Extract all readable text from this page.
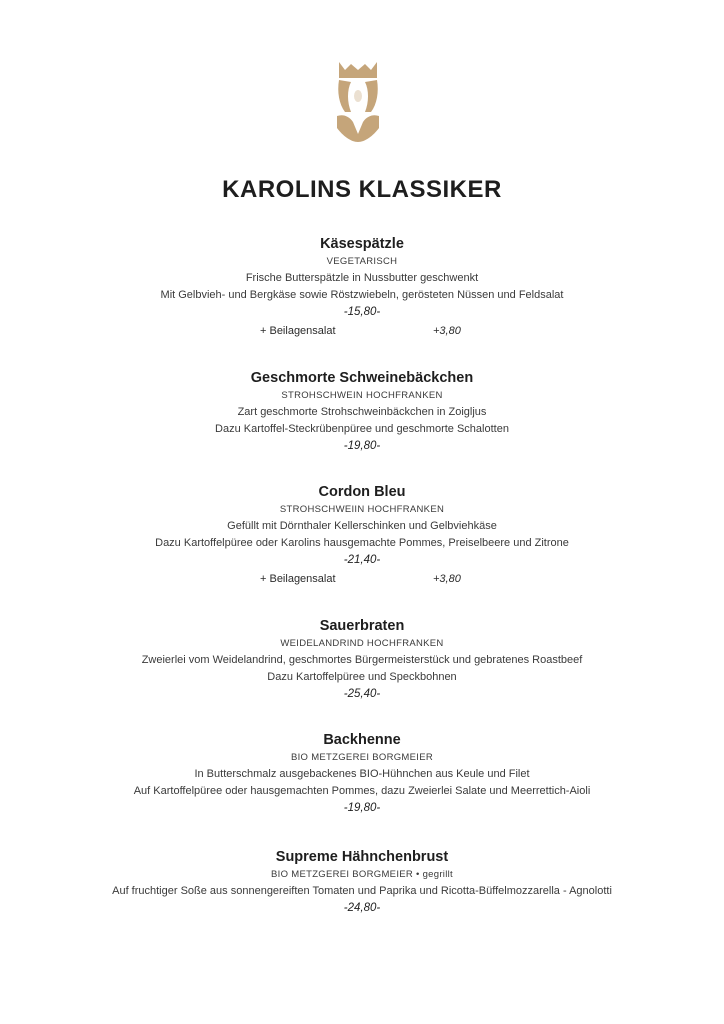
KAROLINS KLASSIKER
Käsespätzle
VEGETARISCH
Frische Butterspätzle in Nussbutter geschwenkt
Mit Gelbvieh- und Bergkäse sowie Röstzwiebeln, gerösteten Nüssen und Feldsalat
-15,80-
+ Beilagensalat	+3,80
Geschmorte Schweinebäckchen
STROHSCHWEIN HOCHFRANKEN
Zart geschmorte Strohschweinbäckchen in Zoigljus
Dazu Kartoffel-Steckrübenpüree und geschmorte Schalotten
-19,80-
Cordon Bleu
STROHSCHWEIIN HOCHFRANKEN
Gefüllt mit Dörnthaler Kellerschinken und Gelbviehkäse
Dazu Kartoffelpüree oder Karolins hausgemachte Pommes, Preiselbeere und Zitrone
-21,40-
+ Beilagensalat	+3,80
Sauerbraten
WEIDELANDRIND HOCHFRANKEN
Zweierlei vom Weidelandrind, geschmortes Bürgermeisterstück und gebratenes Roastbeef
Dazu Kartoffelpüree und Speckbohnen
-25,40-
Backhenne
BIO METZGEREI BORGMEIER
In Butterschmalz ausgebackenes BIO-Hühnchen aus Keule und Filet
Auf Kartoffelpüree oder hausgemachten Pommes, dazu Zweierlei Salate und Meerrettich-Aioli
-19,80-
Supreme Hähnchenbrust
BIO METZGEREI BORGMEIER • gegrillt
Auf fruchtiger Soße aus sonnengereiften Tomaten und Paprika und Ricotta-Büffelmozzarella - Agnolotti
-24,80-
